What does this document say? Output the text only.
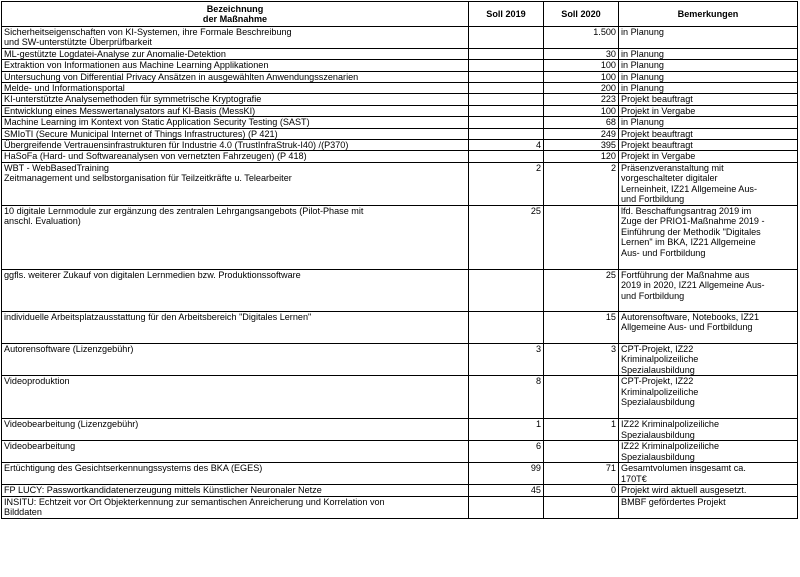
Bezeichnung
der Maßnahme	Soll 2019	Soll 2020	Bemerkungen
Sicherheitseigenschaften von KI-Systemen, ihre Formale Beschreibung
und SW-unterstützte Überprüfbarkeit		1.500	in Planung
ML-gestützte Logdatei-Analyse zur Anomalie-Detektion		30	in Planung
Extraktion von Informationen aus Machine Learning Applikationen		100	in Planung
Untersuchung von Differential Privacy Ansätzen in ausgewählten Anwendungsszenarien		100	in Planung
Melde- und Informationsportal		200	in Planung
KI-unterstützte Analysemethoden für symmetrische Kryptografie		223	Projekt beauftragt
Entwicklung eines Messwertanalysators auf KI-Basis (MessKI)		100	Projekt in Vergabe
Machine Learning im Kontext von Static Application Security Testing (SAST)		68	in Planung
SMIoTI (Secure Municipal Internet of Things Infrastructures) (P 421)		249	Projekt beauftragt
Übergreifende Vertrauensinfrastrukturen für Industrie 4.0 (TrustInfraStruk-I40) /(P370)	4	395	Projekt beauftragt
HaSoFa (Hard- und Softwareanalysen von vernetzten Fahrzeugen) (P 418)		120	Projekt in Vergabe
WBT - WebBasedTraining
Zeitmanagement und selbstorganisation für Teilzeitkräfte u. Telearbeiter	2	2	Präsenzveranstaltung mit
vorgeschalteter digitaler
Lerneinheit, IZ21 Allgemeine Aus-
und Fortbildung
10 digitale Lernmodule zur ergänzung des zentralen Lehrgangsangebots (Pilot-Phase mit
anschl. Evaluation)	25		lfd. Beschaffungsantrag 2019 im
Zuge der PRIO1-Maßnahme 2019 -
Einführung der Methodik "Digitales
Lernen" im BKA, IZ21 Allgemeine
Aus- und Fortbildung
ggfls. weiterer Zukauf von digitalen Lernmedien bzw. Produktionssoftware		25	Fortführung der Maßnahme aus
2019 in 2020, IZ21 Allgemeine Aus-
und Fortbildung
individuelle Arbeitsplatzausstattung für den Arbeitsbereich "Digitales Lernen"		15	Autorensoftware, Notebooks, IZ21
Allgemeine Aus- und Fortbildung
Autorensoftware (Lizenzgebühr)	3	3	CPT-Projekt, IZ22
Kriminalpolizeiliche
Spezialausbildung
Videoproduktion	8		CPT-Projekt, IZ22
Kriminalpolizeiliche
Spezialausbildung
Videobearbeitung (Lizenzgebühr)	1	1	IZ22 Kriminalpolizeiliche
Spezialausbildung
Videobearbeitung	6		IZ22 Kriminalpolizeiliche
Spezialausbildung
Ertüchtigung des Gesichtserkennungssystems des BKA (EGES)	99	71	Gesamtvolumen insgesamt ca.
170T€
FP LUCY: Passwortkandidatenerzeugung mittels Künstlicher Neuronaler Netze	45	0	Projekt wird aktuell ausgesetzt.
INSITU: Echtzeit vor Ort Objekterkennung zur semantischen Anreicherung und Korrelation von
Bilddaten			BMBF gefördertes Projekt
